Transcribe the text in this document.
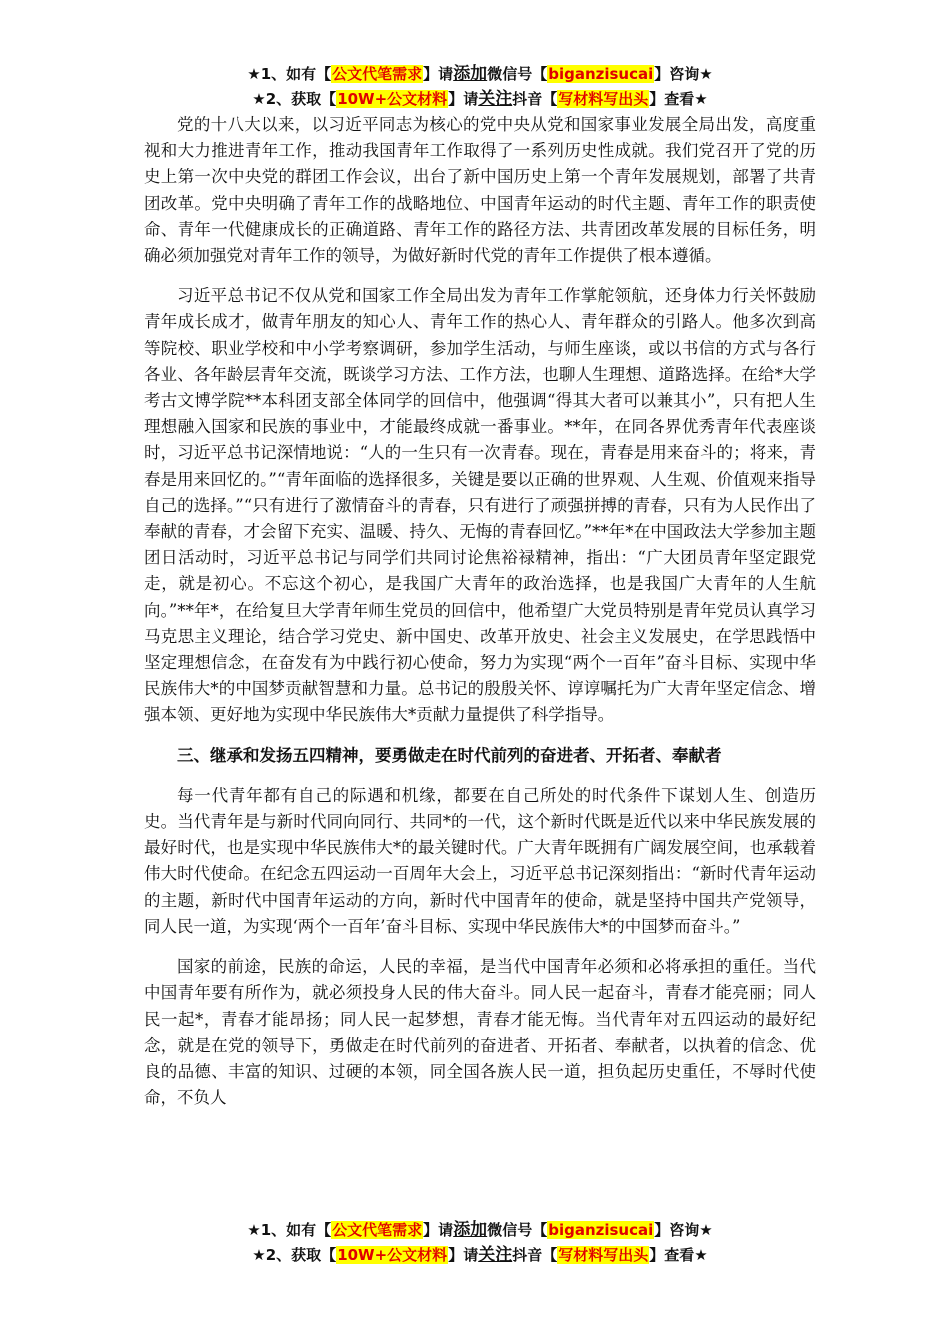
★1、如有【公文代笔需求】请添加微信号【biganzisucai】咨询★
★2、获取【10W+公文材料】请关注抖音【写材料写出头】查看★

党的十八大以来，以习近平同志为核心的党中央从党和国家事业发展全局出发，高度重视和大力推进青年工作，推动我国青年工作取得了一系列历史性成就。我们党召开了党的历史上第一次中央党的群团工作会议，出台了新中国历史上第一个青年发展规划，部署了共青团改革。党中央明确了青年工作的战略地位、中国青年运动的时代主题、青年工作的职责使命、青年一代健康成长的正确道路、青年工作的路径方法、共青团改革发展的目标任务，明确必须加强党对青年工作的领导，为做好新时代党的青年工作提供了根本遵循。

习近平总书记不仅从党和国家工作全局出发为青年工作掌舵领航，还身体力行关怀鼓励青年成长成才，做青年朋友的知心人、青年工作的热心人、青年群众的引路人。他多次到高等院校、职业学校和中小学考察调研，参加学生活动，与师生座谈，或以书信的方式与各行各业、各年龄层青年交流，既谈学习方法、工作方法，也聊人生理想、道路选择。在给*大学考古文博学院**本科团支部全体同学的回信中，他强调“得其大者可以兼其小”，只有把人生理想融入国家和民族的事业中，才能最终成就一番事业。**年，在同各界优秀青年代表座谈时，习近平总书记深情地说：“人的一生只有一次青春。现在，青春是用来奋斗的；将来，青春是用来回忆的。”“青年面临的选择很多，关键是要以正确的世界观、人生观、价值观来指导自己的选择。”“只有进行了激情奋斗的青春，只有进行了顽强拼搏的青春，只有为人民作出了奉献的青春，才会留下充实、温暖、持久、无悔的青春回忆。”**年*在中国政法大学参加主题团日活动时，习近平总书记与同学们共同讨论焦裕禄精神，指出：“广大团员青年坚定跟党走，就是初心。不忘这个初心，是我国广大青年的政治选择，也是我国广大青年的人生航向。”**年*，在给复旦大学青年师生党员的回信中，他希望广大党员特别是青年党员认真学习马克思主义理论，结合学习党史、新中国史、改革开放史、社会主义发展史，在学思践悟中坚定理想信念，在奋发有为中践行初心使命，努力为实现“两个一百年”奋斗目标、实现中华民族伟大*的中国梦贡献智慧和力量。总书记的殷殷关怀、谆谆嘱托为广大青年坚定信念、增强本领、更好地为实现中华民族伟大*贡献力量提供了科学指导。

三、继承和发扬五四精神，要勇做走在时代前列的奋进者、开拓者、奉献者

每一代青年都有自己的际遇和机缘，都要在自己所处的时代条件下谋划人生、创造历史。当代青年是与新时代同向同行、共同*的一代，这个新时代既是近代以来中华民族发展的最好时代，也是实现中华民族伟大*的最关键时代。广大青年既拥有广阔发展空间，也承载着伟大时代使命。在纪念五四运动一百周年大会上，习近平总书记深刻指出：“新时代青年运动的主题，新时代中国青年运动的方向，新时代中国青年的使命，就是坚持中国共产党领导，同人民一道，为实现‘两个一百年’奋斗目标、实现中华民族伟大*的中国梦而奋斗。”

国家的前途，民族的命运，人民的幸福，是当代中国青年必须和必将承担的重任。当代中国青年要有所作为，就必须投身人民的伟大奋斗。同人民一起奋斗，青春才能亮丽；同人民一起*，青春才能昂扬；同人民一起梦想，青春才能无悔。当代青年对五四运动的最好纪念，就是在党的领导下，勇做走在时代前列的奋进者、开拓者、奉献者，以执着的信念、优良的品德、丰富的知识、过硬的本领，同全国各族人民一道，担负起历史重任，不辱时代使命，不负人

★1、如有【公文代笔需求】请添加微信号【biganzisucai】咨询★
★2、获取【10W+公文材料】请关注抖音【写材料写出头】查看★
